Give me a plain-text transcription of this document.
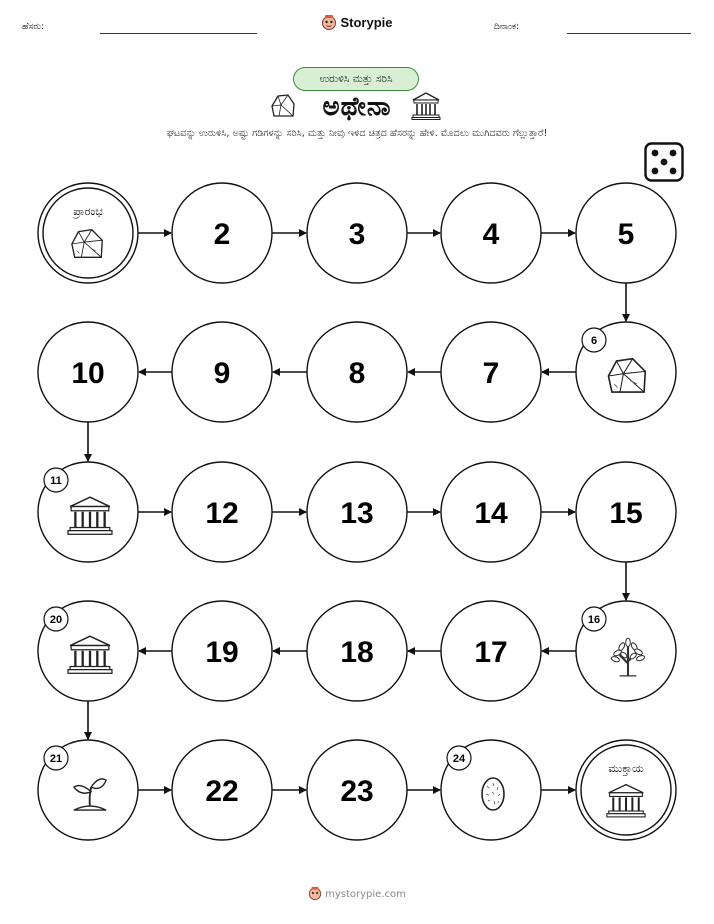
ಹೆಸರು:	Storypie	ದಿನಾಂಕ:
ಉರುಳಿಸಿ ಮತ್ತು ಸರಿಸಿ
ಅಥೇನಾ
ಘಟವನ್ನು ಉರುಳಿಸಿ, ಅಷ್ಟು ಗಡಿಗಳನ್ನು ಸರಿಸಿ, ಮತ್ತು ನೀವು ಇಳಿದ ಚಿತ್ರದ ಹೆಸರನ್ನು ಹೇಳಿ. ಮೊದಲು ಮುಗಿದವರು ಗೆಲ್ಲುತ್ತಾರೆ!
ಪ್ರಾರಂಭ
2	3	4	5
6
7
8
9
10
11
12	13	14	15
16
17
18
19
20
21
22	23
24
ಮುಕ್ತಾಯ
mystorypie.com
